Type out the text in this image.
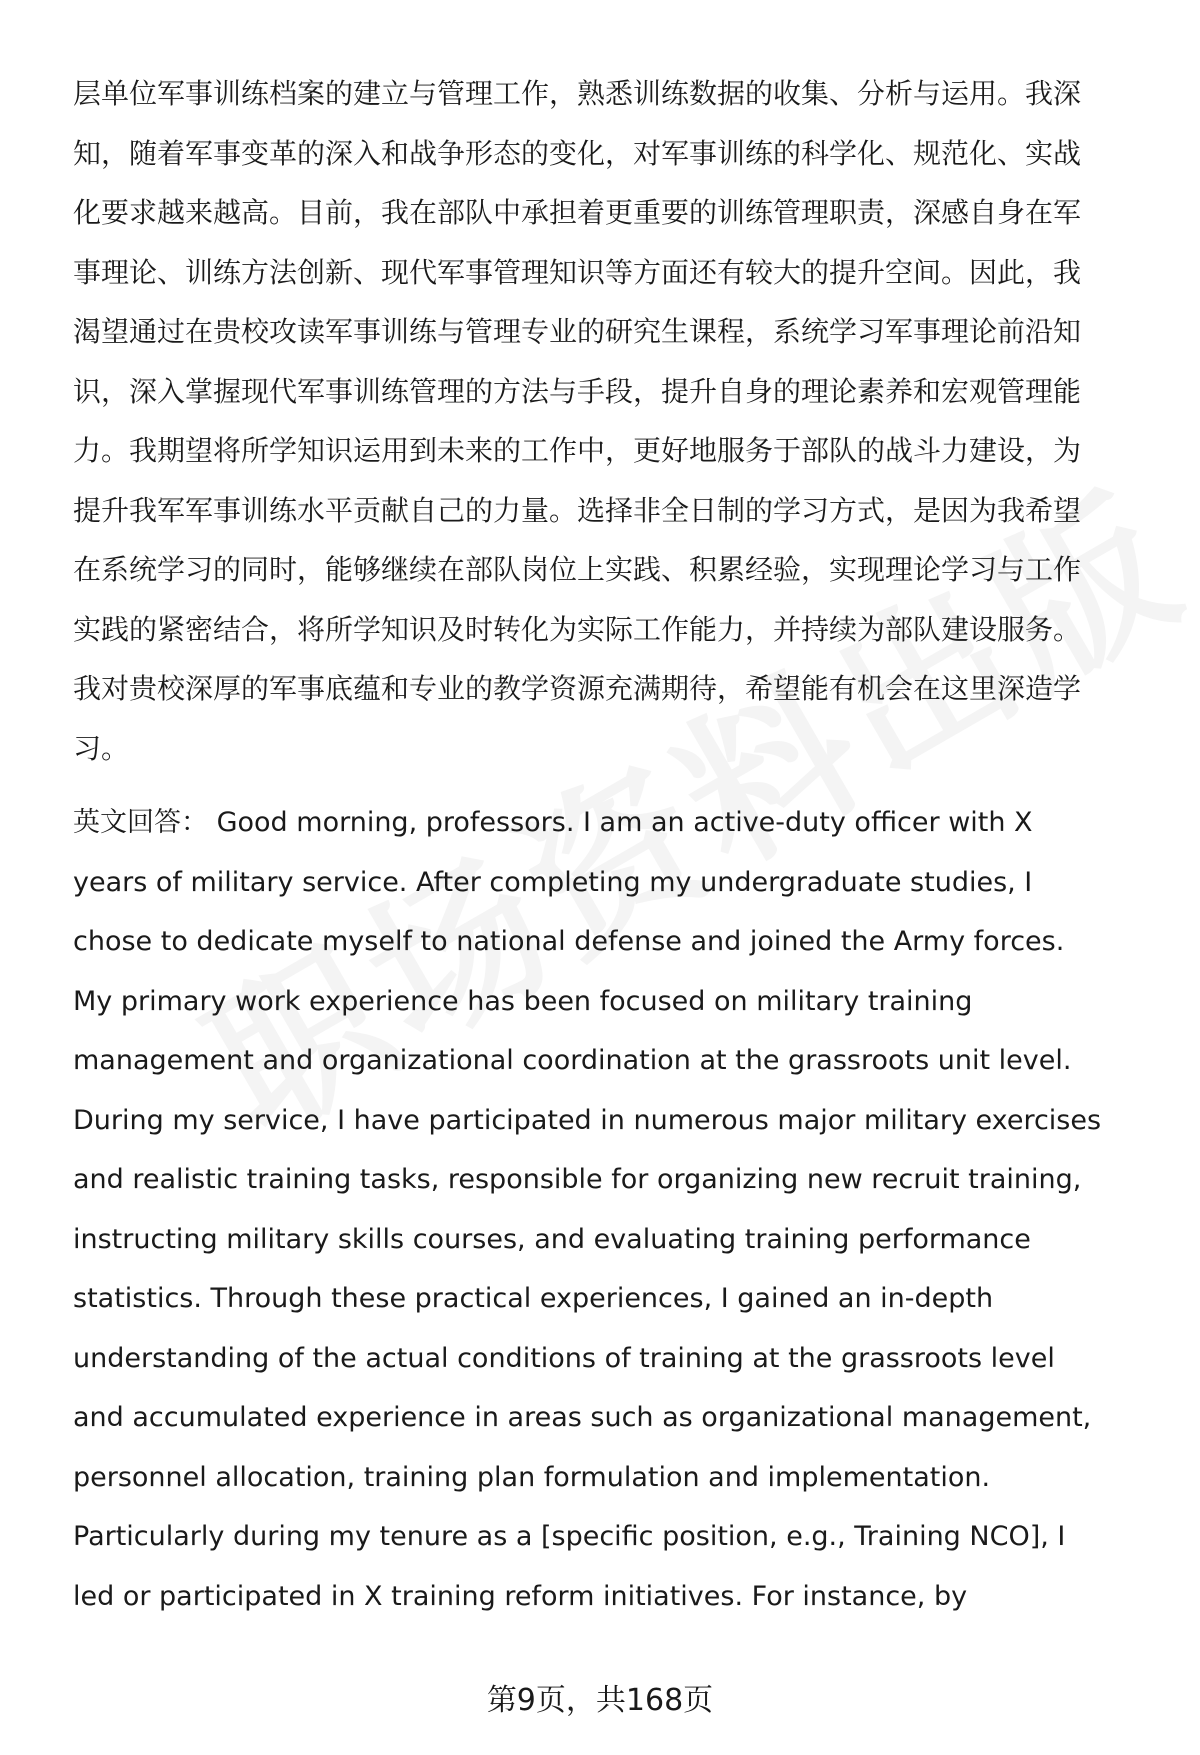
层单位军事训练档案的建立与管理工作，熟悉训练数据的收集、分析与运用。我深
知，随着军事变革的深入和战争形态的变化，对军事训练的科学化、规范化、实战
化要求越来越高。目前，我在部队中承担着更重要的训练管理职责，深感自身在军
事理论、训练方法创新、现代军事管理知识等方面还有较大的提升空间。因此，我
渴望通过在贵校攻读军事训练与管理专业的研究生课程，系统学习军事理论前沿知
识，深入掌握现代军事训练管理的方法与手段，提升自身的理论素养和宏观管理能
力。我期望将所学知识运用到未来的工作中，更好地服务于部队的战斗力建设，为
提升我军军事训练水平贡献自己的力量。选择非全日制的学习方式，是因为我希望
在系统学习的同时，能够继续在部队岗位上实践、积累经验，实现理论学习与工作
实践的紧密结合，将所学知识及时转化为实际工作能力，并持续为部队建设服务。
我对贵校深厚的军事底蕴和专业的教学资源充满期待，希望能有机会在这里深造学
习。
英文回答： Good morning, professors. I am an active-duty officer with X
years of military service. After completing my undergraduate studies, I
chose to dedicate myself to national defense and joined the Army forces.
My primary work experience has been focused on military training
management and organizational coordination at the grassroots unit level.
During my service, I have participated in numerous major military exercises
and realistic training tasks, responsible for organizing new recruit training,
instructing military skills courses, and evaluating training performance
statistics. Through these practical experiences, I gained an in-depth
understanding of the actual conditions of training at the grassroots level
and accumulated experience in areas such as organizational management,
personnel allocation, training plan formulation and implementation.
Particularly during my tenure as a [specific position, e.g., Training NCO], I
led or participated in X training reform initiatives. For instance, by
第9页，共168页
